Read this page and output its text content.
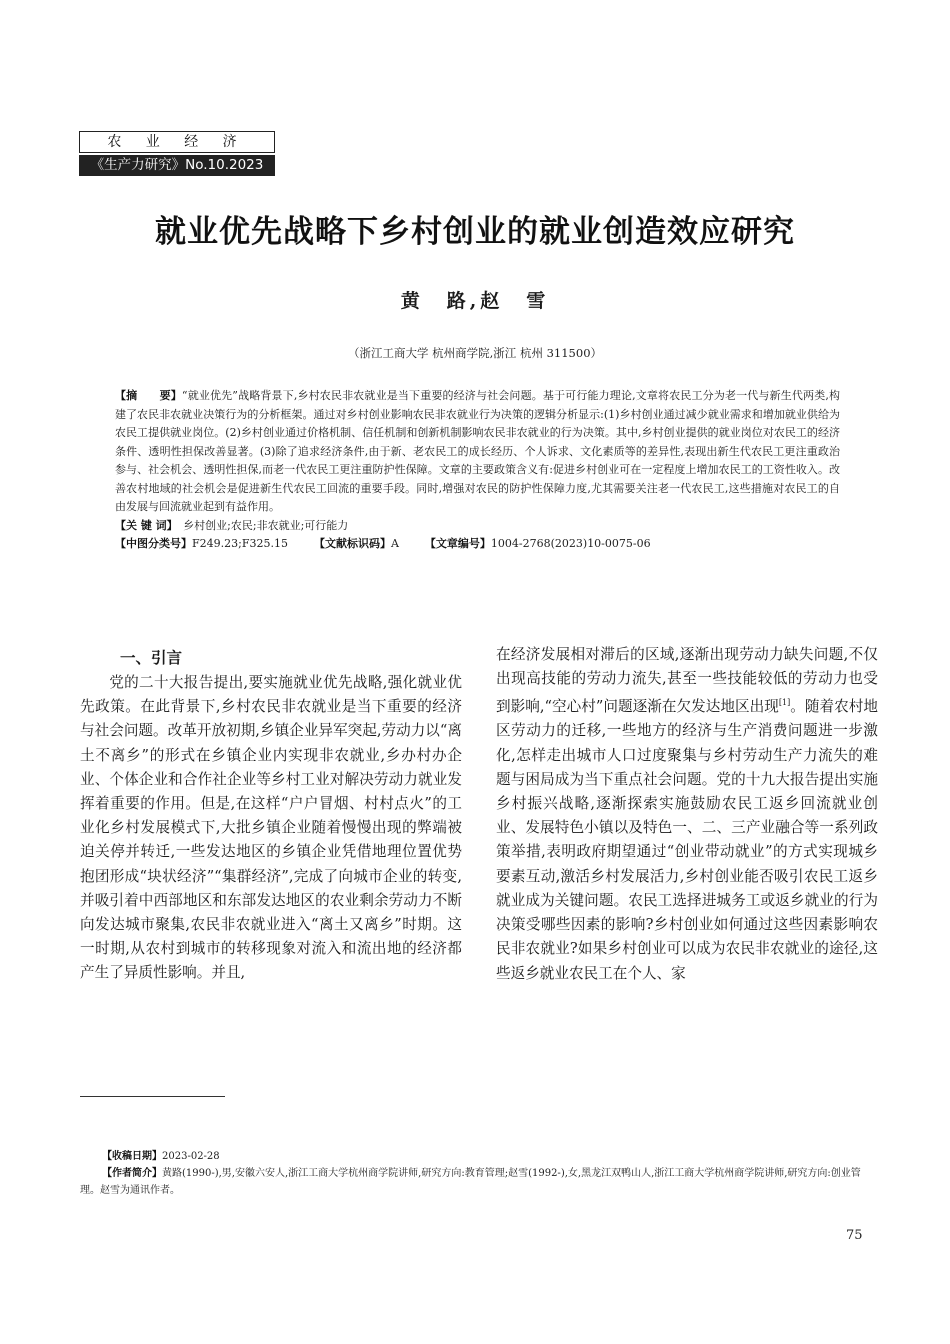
农 业 经 济
《生产力研究》No.10.2023
就业优先战略下乡村创业的就业创造效应研究
黄　路,赵　雪
（浙江工商大学 杭州商学院,浙江 杭州 311500）
【摘　　要】“就业优先”战略背景下,乡村农民非农就业是当下重要的经济与社会问题。基于可行能力理论,文章将农民工分为老一代与新生代两类,构建了农民非农就业决策行为的分析框架。通过对乡村创业影响农民非农就业行为决策的逻辑分析显示:(1)乡村创业通过减少就业需求和增加就业供给为农民工提供就业岗位。(2)乡村创业通过价格机制、信任机制和创新机制影响农民非农就业的行为决策。其中,乡村创业提供的就业岗位对农民工的经济条件、透明性担保改善显著。(3)除了追求经济条件,由于新、老农民工的成长经历、个人诉求、文化素质等的差异性,表现出新生代农民工更注重政治参与、社会机会、透明性担保,而老一代农民工更注重防护性保障。文章的主要政策含义有:促进乡村创业可在一定程度上增加农民工的工资性收入。改善农村地域的社会机会是促进新生代农民工回流的重要手段。同时,增强对农民的防护性保障力度,尤其需要关注老一代农民工,这些措施对农民工的自由发展与回流就业起到有益作用。
【关 键 词】　 乡村创业;农民;非农就业;可行能力
【中图分类号】F249.23;F325.15 【文献标识码】A 【文章编号】1004-2768(2023)10-0075-06
一、引言

党的二十大报告提出,要实施就业优先战略,强化就业优先政策。在此背景下,乡村农民非农就业是当下重要的经济与社会问题。改革开放初期,乡镇企业异军突起,劳动力以“离土不离乡”的形式在乡镇企业内实现非农就业,乡办村办企业、个体企业和合作社企业等乡村工业对解决劳动力就业发挥着重要的作用。但是,在这样“户户冒烟、村村点火”的工业化乡村发展模式下,大批乡镇企业随着慢慢出现的弊端被迫关停并转迁,一些发达地区的乡镇企业凭借地理位置优势抱团形成“块状经济”“集群经济”,完成了向城市企业的转变,并吸引着中西部地区和东部发达地区的农业剩余劳动力不断向发达城市聚集,农民非农就业进入“离土又离乡”时期。这一时期,从农村到城市的转移现象对流入和流出地的经济都产生了异质性影响。并且,

在经济发展相对滞后的区域,逐渐出现劳动力缺失问题,不仅出现高技能的劳动力流失,甚至一些技能较低的劳动力也受到影响,“空心村”问题逐渐在欠发达地区出现[1]。随着农村地区劳动力的迁移,一些地方的经济与生产消费问题进一步激化,怎样走出城市人口过度聚集与乡村劳动生产力流失的难题与困局成为当下重点社会问题。党的十九大报告提出实施乡村振兴战略,逐渐探索实施鼓励农民工返乡回流就业创业、发展特色小镇以及特色一、二、三产业融合等一系列政策举措,表明政府期望通过“创业带动就业”的方式实现城乡要素互动,激活乡村发展活力,乡村创业能否吸引农民工返乡就业成为关键问题。农民工选择进城务工或返乡就业的行为决策受哪些因素的影响?乡村创业如何通过这些因素影响农民非农就业?如果乡村创业可以成为农民非农就业的途径,这些返乡就业农民工在个人、家

【收稿日期】2023-02-28
【作者简介】黄路(1990-),男,安徽六安人,浙江工商大学杭州商学院讲师,研究方向:教育管理;赵雪(1992-),女,黑龙江双鸭山人,浙江工商大学杭州商学院讲师,研究方向:创业管理。赵雪为通讯作者。
75
